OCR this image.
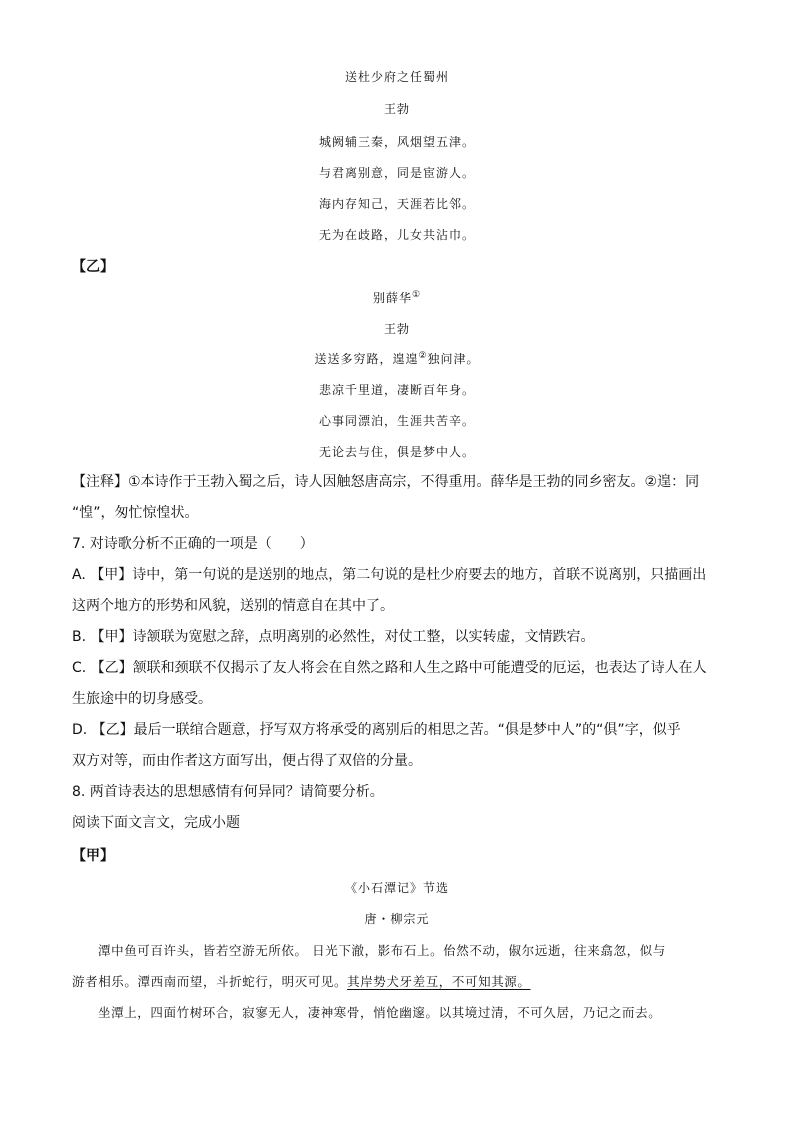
送杜少府之任蜀州
王勃
城阙辅三秦，风烟望五津。
与君离别意，同是宦游人。
海内存知己，天涯若比邻。
无为在歧路，儿女共沾巾。
【乙】
别薛华①
王勃
送送多穷路，遑遑②独问津。
悲凉千里道，凄断百年身。
心事同漂泊，生涯共苦辛。
无论去与住，俱是梦中人。
【注释】①本诗作于王勃入蜀之后，诗人因触怒唐高宗，不得重用。薛华是王勃的同乡密友。②遑：同
“惶”，匆忙惊惶状。
7. 对诗歌分析不正确的一项是（　　）
A. 【甲】诗中，第一句说的是送别的地点，第二句说的是杜少府要去的地方，首联不说离别，只描画出
这两个地方的形势和风貌，送别的情意自在其中了。
B. 【甲】诗颔联为宽慰之辞，点明离别的必然性，对仗工整，以实转虚，文情跌宕。
C. 【乙】颔联和颈联不仅揭示了友人将会在自然之路和人生之路中可能遭受的厄运，也表达了诗人在人
生旅途中的切身感受。
D. 【乙】最后一联绾合题意，抒写双方将承受的离别后的相思之苦。“俱是梦中人”的“俱”字，似乎
双方对等，而由作者这方面写出，便占得了双倍的分量。
8. 两首诗表达的思想感情有何异同？请简要分析。
阅读下面文言文，完成小题
【甲】
《小石潭记》节选
唐・柳宗元
潭中鱼可百许头，皆若空游无所依。 日光下澈，影布石上。佁然不动，俶尔远逝，往来翕忽，似与
游者相乐。潭西南而望，斗折蛇行，明灭可见。其岸势犬牙差互，不可知其源。
坐潭上，四面竹树环合，寂寥无人，凄神寒骨，悄怆幽邃。以其境过清，不可久居，乃记之而去。
